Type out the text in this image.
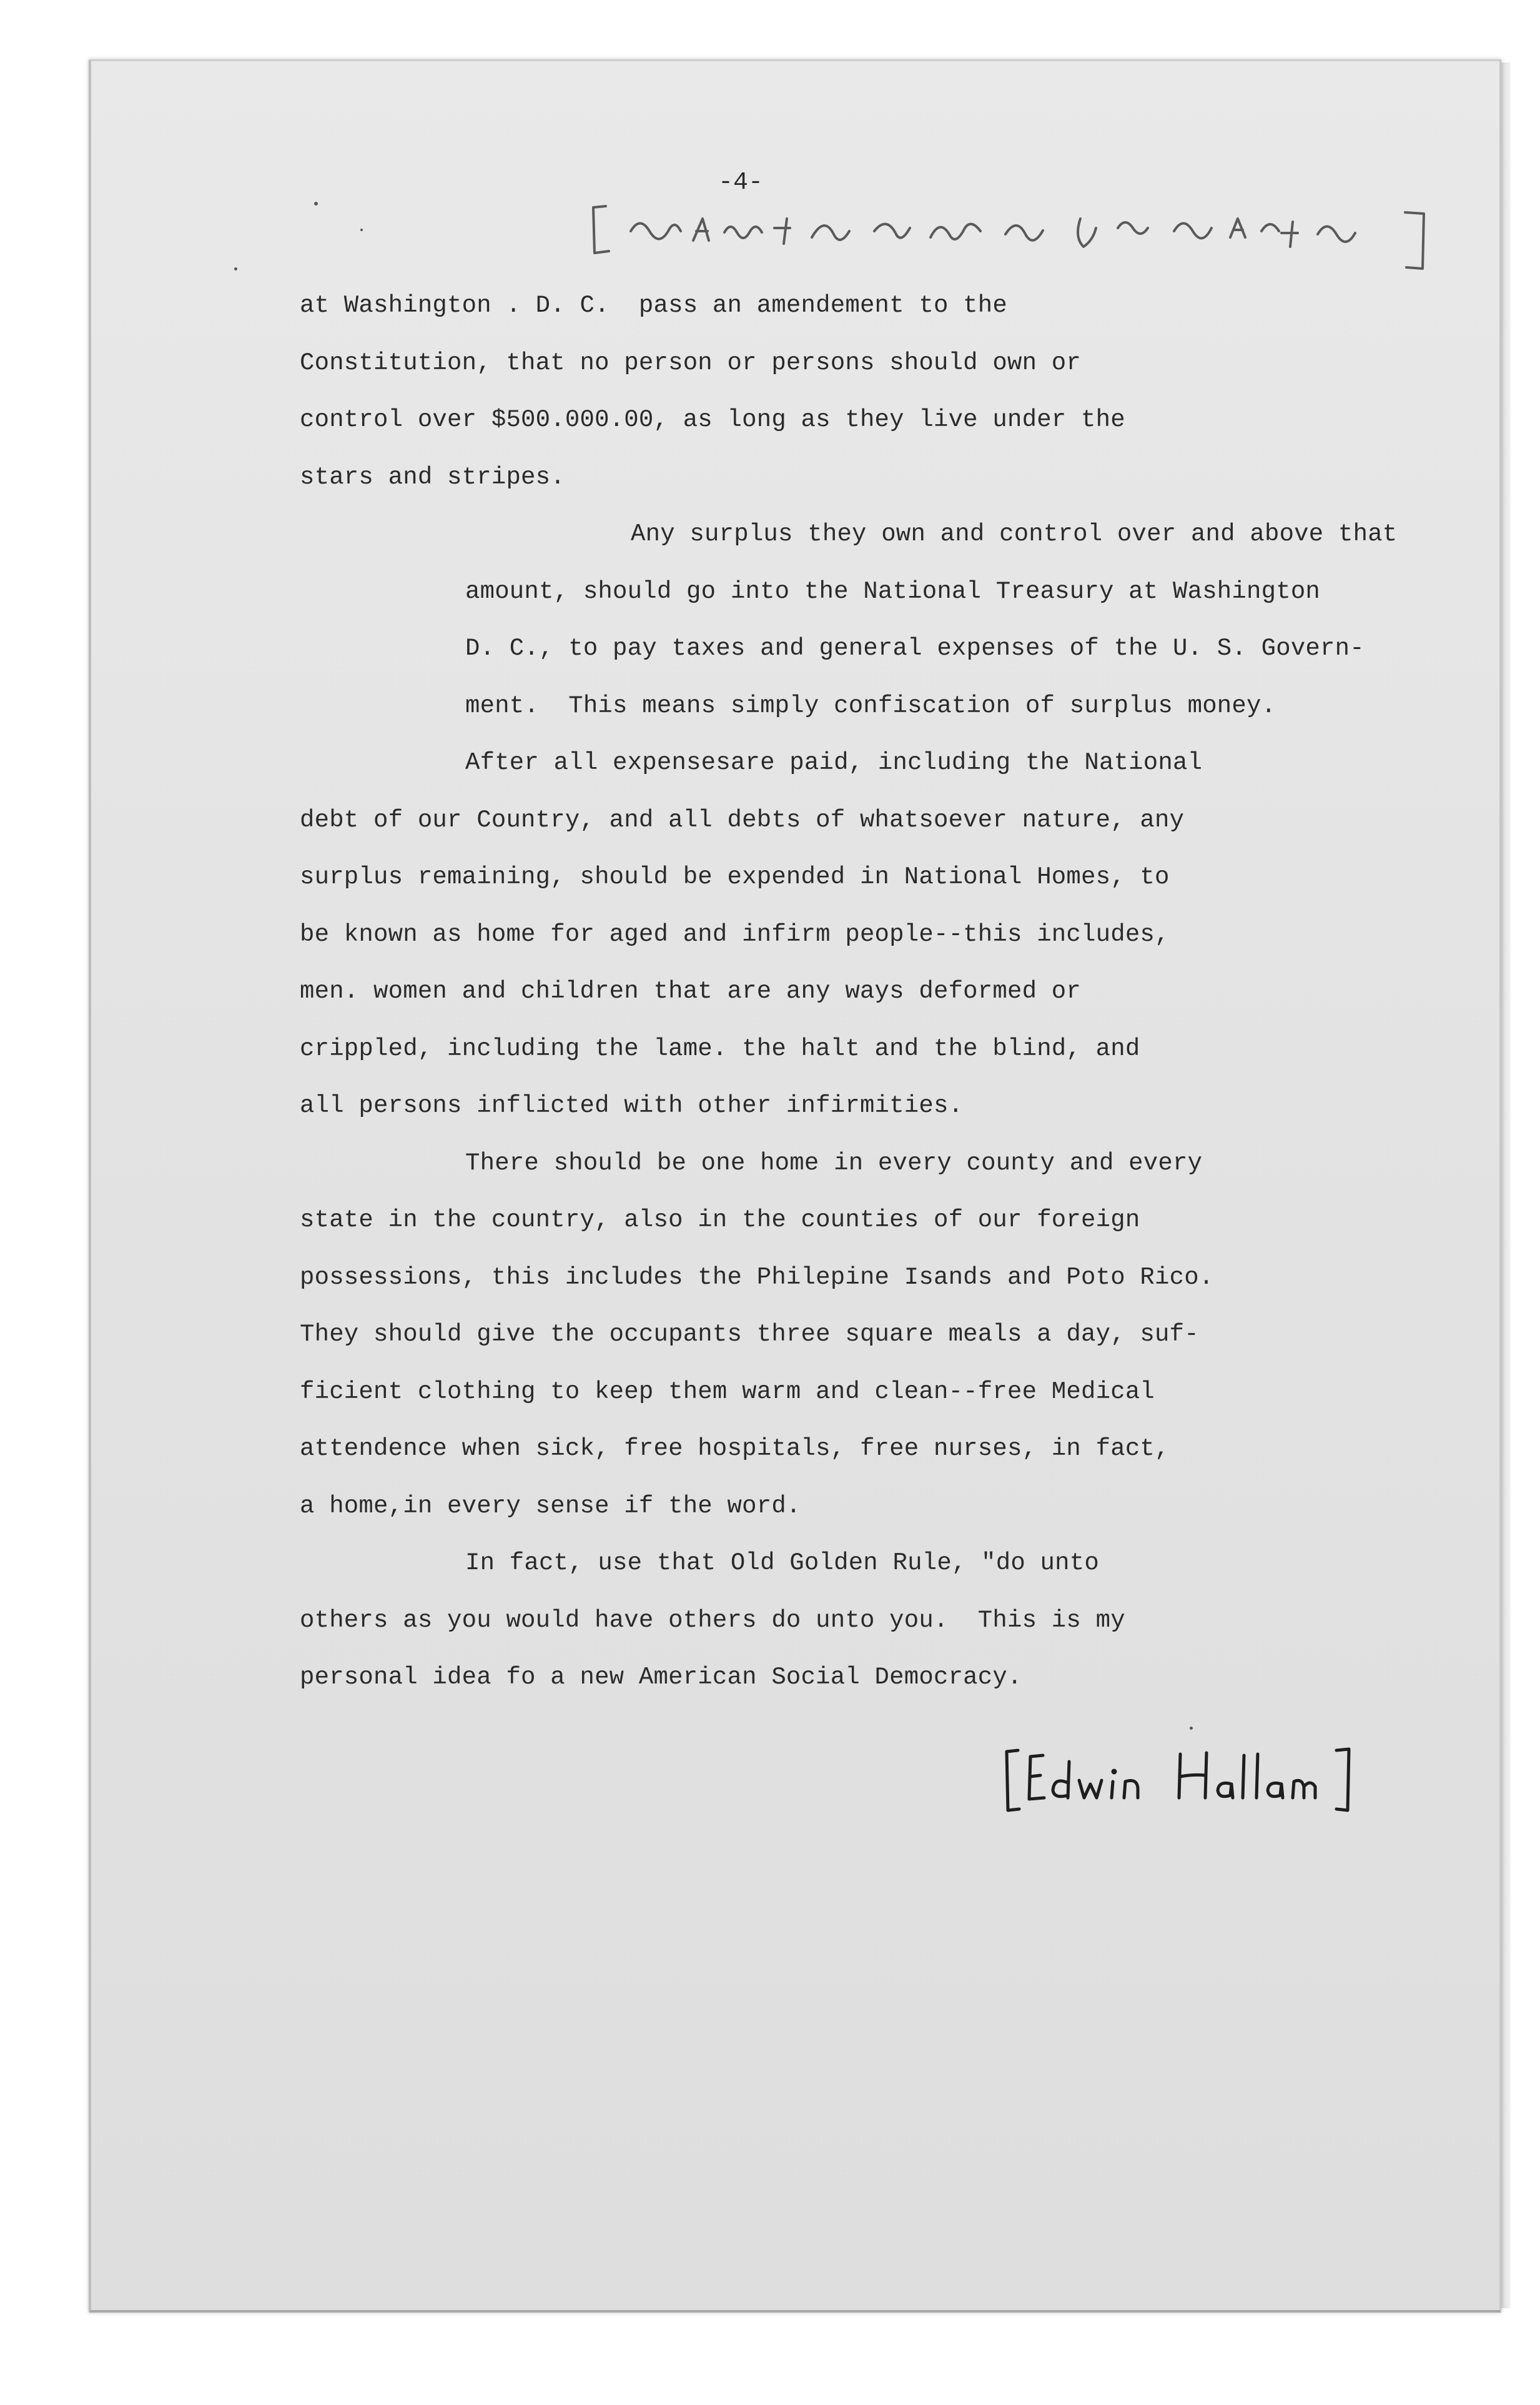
-4-

at Washington . D. C.  pass an amendement to the
Constitution, that no person or persons should own or
control over $500.000.00, as long as they live under the
stars and stripes.

Any surplus they own and control over and above that
amount, should go into the National Treasury at Washington
D. C., to pay taxes and general expenses of the U. S. Govern-
ment.  This means simply confiscation of surplus money.

After all expensesare paid, including the National
debt of our Country, and all debts of whatsoever nature, any
surplus remaining, should be expended in National Homes, to
be known as home for aged and infirm people--this includes,
men. women and children that are any ways deformed or
crippled, including the lame. the halt and the blind, and
all persons inflicted with other infirmities.

There should be one home in every county and every
state in the country, also in the counties of our foreign
possessions, this includes the Philepine Isands and Poto Rico.
They should give the occupants three square meals a day, suf-
ficient clothing to keep them warm and clean--free Medical
attendence when sick, free hospitals, free nurses, in fact,
a home,in every sense if the word.

In fact, use that Old Golden Rule, "do unto
others as you would have others do unto you.  This is my
personal idea fo a new American Social Democracy.
